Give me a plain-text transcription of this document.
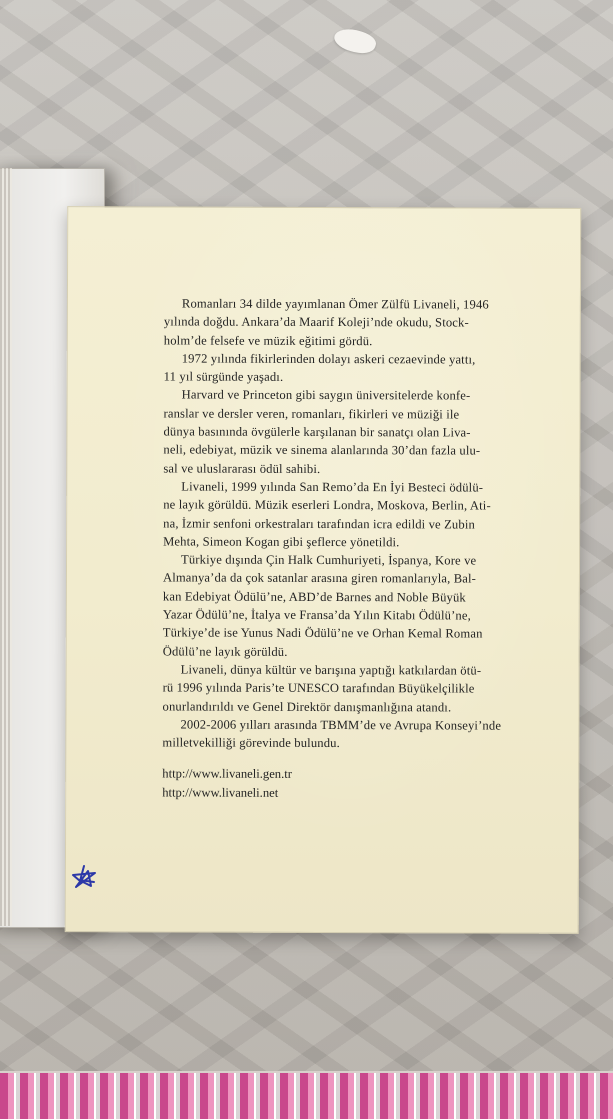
Romanları 34 dilde yayımlanan Ömer Zülfü Livaneli, 1946
yılında doğdu. Ankara’da Maarif Koleji’nde okudu, Stock-
holm’de felsefe ve müzik eğitimi gördü.

1972 yılında fikirlerinden dolayı askeri cezaevinde yattı,
11 yıl sürgünde yaşadı.

Harvard ve Princeton gibi saygın üniversitelerde konfe-
ranslar ve dersler veren, romanları, fikirleri ve müziği ile
dünya basınında övgülerle karşılanan bir sanatçı olan Liva-
neli, edebiyat, müzik ve sinema alanlarında 30’dan fazla ulu-
sal ve uluslararası ödül sahibi.

Livaneli, 1999 yılında San Remo’da En İyi Besteci ödülü-
ne layık görüldü. Müzik eserleri Londra, Moskova, Berlin, Ati-
na, İzmir senfoni orkestraları tarafından icra edildi ve Zubin
Mehta, Simeon Kogan gibi şeflerce yönetildi.

Türkiye dışında Çin Halk Cumhuriyeti, İspanya, Kore ve
Almanya’da da çok satanlar arasına giren romanlarıyla, Bal-
kan Edebiyat Ödülü’ne, ABD’de Barnes and Noble Büyük
Yazar Ödülü’ne, İtalya ve Fransa’da Yılın Kitabı Ödülü’ne,
Türkiye’de ise Yunus Nadi Ödülü’ne ve Orhan Kemal Roman
Ödülü’ne layık görüldü.

Livaneli, dünya kültür ve barışına yaptığı katkılardan ötü-
rü 1996 yılında Paris’te UNESCO tarafından Büyükelçilikle
onurlandırıldı ve Genel Direktör danışmanlığına atandı.

2002-2006 yılları arasında TBMM’de ve Avrupa Konseyi’nde
milletvekilliği görevinde bulundu.

http://www.livaneli.gen.tr
http://www.livaneli.net
